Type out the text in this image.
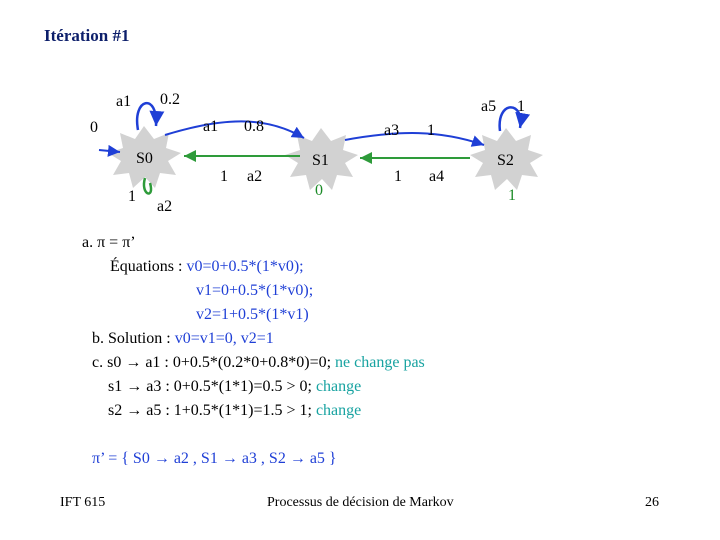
Itération #1
S0	S1	S2
0
0	1
a1 0.2
a1 0.8
1
a2
1 a2
a3 1
1 a4
a5 1
a. π = π’
Équations : v0=0+0.5*(1*v0);
v1=0+0.5*(1*v0);
v2=1+0.5*(1*v1)
b. Solution : v0=v1=0, v2=1
c. s0 → a1 : 0+0.5*(0.2*0+0.8*0)=0; ne change pas
s1 → a3 : 0+0.5*(1*1)=0.5 > 0; change
s2 → a5 : 1+0.5*(1*1)=1.5 > 1; change
π’ = { S0 → a2 , S1 → a3 , S2 → a5 }
IFT 615	Processus de décision de Markov	26
